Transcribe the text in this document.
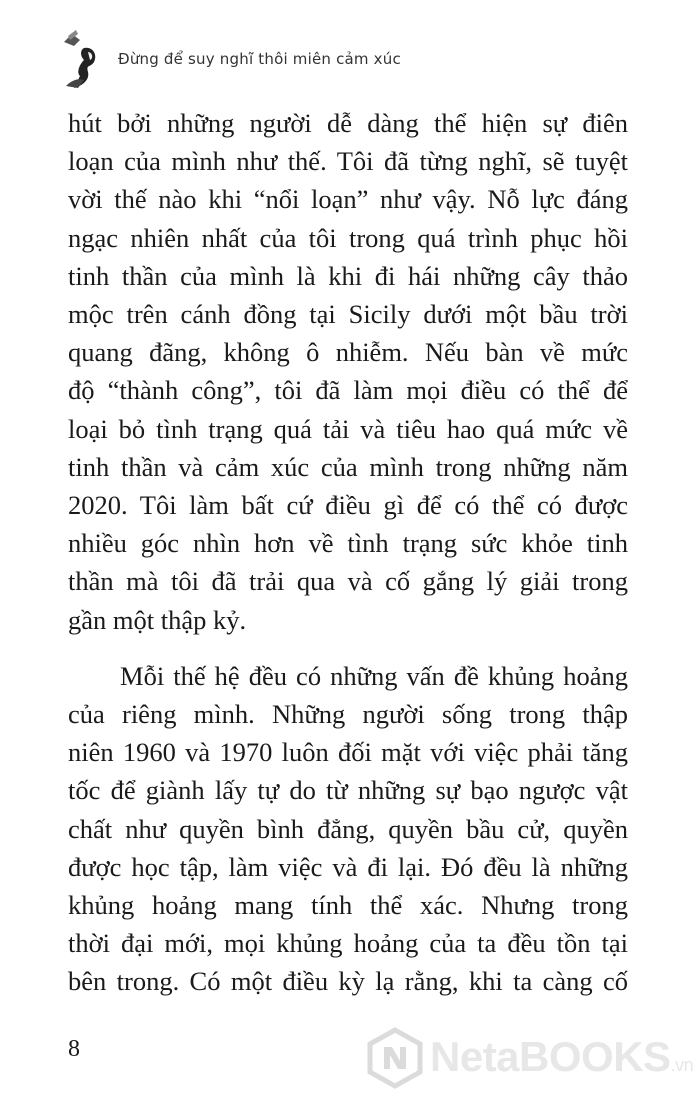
Đừng để suy nghĩ thôi miên cảm xúc

hút bởi những người dễ dàng thể hiện sự điên
loạn của mình như thế. Tôi đã từng nghĩ, sẽ tuyệt
vời thế nào khi “nổi loạn” như vậy. Nỗ lực đáng
ngạc nhiên nhất của tôi trong quá trình phục hồi
tinh thần của mình là khi đi hái những cây thảo
mộc trên cánh đồng tại Sicily dưới một bầu trời
quang đãng, không ô nhiễm. Nếu bàn về mức
độ “thành công”, tôi đã làm mọi điều có thể để
loại bỏ tình trạng quá tải và tiêu hao quá mức về
tinh thần và cảm xúc của mình trong những năm
2020. Tôi làm bất cứ điều gì để có thể có được
nhiều góc nhìn hơn về tình trạng sức khỏe tinh
thần mà tôi đã trải qua và cố gắng lý giải trong
gần một thập kỷ.

Mỗi thế hệ đều có những vấn đề khủng hoảng
của riêng mình. Những người sống trong thập
niên 1960 và 1970 luôn đối mặt với việc phải tăng
tốc để giành lấy tự do từ những sự bạo ngược vật
chất như quyền bình đẳng, quyền bầu cử, quyền
được học tập, làm việc và đi lại. Đó đều là những
khủng hoảng mang tính thể xác. Nhưng trong
thời đại mới, mọi khủng hoảng của ta đều tồn tại
bên trong. Có một điều kỳ lạ rằng, khi ta càng cố

8	NetaBOOKS.vn
